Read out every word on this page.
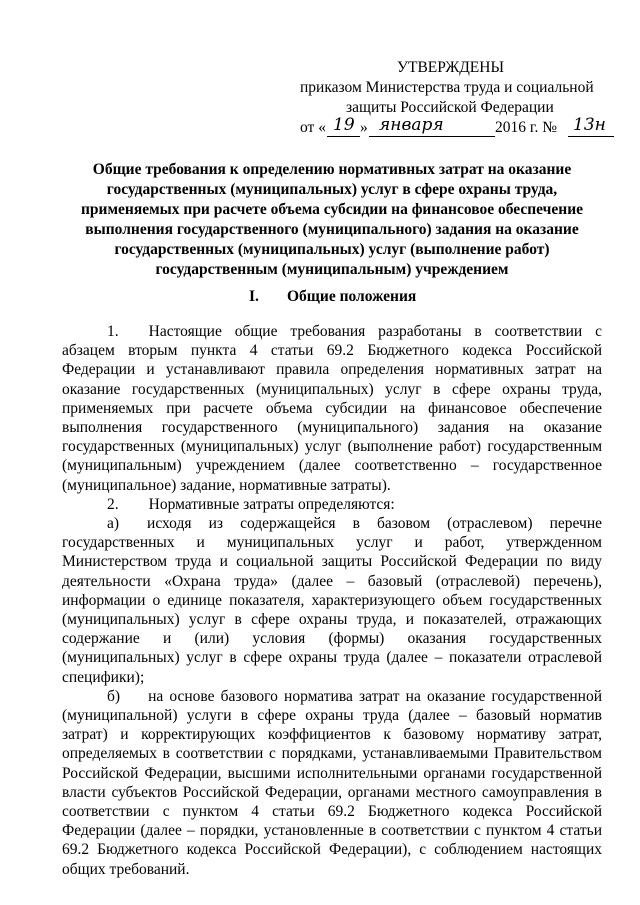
УТВЕРЖДЕНЫ
приказом Министерства труда и социальной
защиты Российской Федерации
от « 19 » января	2016 г. № 13н
Общие требования к определению нормативных затрат на оказание государственных (муниципальных) услуг в сфере охраны труда, применяемых при расчете объема субсидии на финансовое обеспечение выполнения государственного (муниципального) задания на оказание государственных (муниципальных) услуг (выполнение работ) государственным (муниципальным) учреждением
I. Общие положения

1. Настоящие общие требования разработаны в соответствии с абзацем вторым пункта 4 статьи 69.2 Бюджетного кодекса Российской Федерации и устанавливают правила определения нормативных затрат на оказание государственных (муниципальных) услуг в сфере охраны труда, применяемых при расчете объема субсидии на финансовое обеспечение выполнения государственного (муниципального) задания на оказание государственных (муниципальных) услуг (выполнение работ) государственным (муниципальным) учреждением (далее соответственно – государственное (муниципальное) задание, нормативные затраты).

2. Нормативные затраты определяются:

а) исходя из содержащейся в базовом (отраслевом) перечне государственных и муниципальных услуг и работ, утвержденном Министерством труда и социальной защиты Российской Федерации по виду деятельности «Охрана труда» (далее – базовый (отраслевой) перечень), информации о единице показателя, характеризующего объем государственных (муниципальных) услуг в сфере охраны труда, и показателей, отражающих содержание и (или) условия (формы) оказания государственных (муниципальных) услуг в сфере охраны труда (далее – показатели отраслевой специфики);

б) на основе базового норматива затрат на оказание государственной (муниципальной) услуги в сфере охраны труда (далее – базовый норматив затрат) и корректирующих коэффициентов к базовому нормативу затрат, определяемых в соответствии с порядками, устанавливаемыми Правительством Российской Федерации, высшими исполнительными органами государственной власти субъектов Российской Федерации, органами местного самоуправления в соответствии с пунктом 4 статьи 69.2 Бюджетного кодекса Российской Федерации (далее – порядки, установленные в соответствии с пунктом 4 статьи 69.2 Бюджетного кодекса Российской Федерации), с соблюдением настоящих общих требований.
